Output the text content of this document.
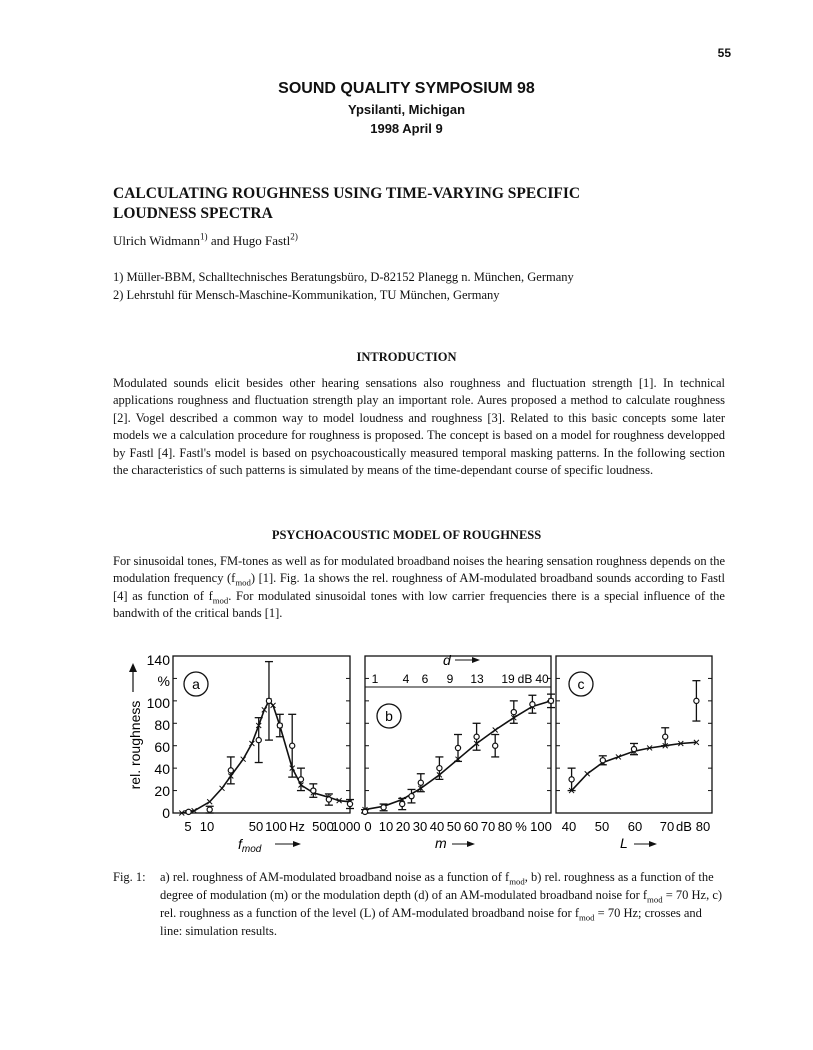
55
SOUND QUALITY SYMPOSIUM 98
Ypsilanti, Michigan
1998 April 9
CALCULATING ROUGHNESS USING TIME-VARYING SPECIFIC
LOUDNESS SPECTRA
Ulrich Widmann$^{1)}$ and Hugo Fastl$^{2)}$
1) Müller-BBM, Schalltechnisches Beratungsbüro, D-82152 Planegg n. München, Germany
2) Lehrstuhl für Mensch-Maschine-Kommunikation, TU München, Germany
INTRODUCTION

Modulated sounds elicit besides other hearing sensations also roughness and fluctuation strength [1]. In technical applications roughness and fluctuation strength play an important role. Aures proposed a method to calculate roughness [2]. Vogel described a common way to model loudness and roughness [3]. Related to this basic concepts some later models we a calculation procedure for roughness is proposed. The concept is based on a model for roughness developped by Fastl [4]. Fastl's model is based on psychoacoustically measured temporal masking patterns. In the following section the characteristics of such patterns is simulated by means of the time-dependant course of specific loudness.

PSYCHOACOUSTIC MODEL OF ROUGHNESS

For sinusoidal tones, FM-tones as well as for modulated broadband noises the hearing sensation roughness depends on the modulation frequency $(f_{mod})$ [1]. Fig. 1a shows the rel. roughness of AM-modulated broadband sounds according to Fastl [4] as function of $f_{mod}$. For modulated sinusoidal tones with low carrier frequencies there is a special influence of the bandwith of the critical bands [1].

rel. roughness
140
%
100
80
60
40
20
0
a
b
c
d
1 4 6 9 13 19 dB 40
5 10	50 100 Hz 500
1000 0 10 20 30 40 50 60 70 80 % 100 40 50 60 70 dB 80
$f_{mod}$	m	L
Fig. 1: a) rel. roughness of AM-modulated broadband noise as a function of $f_{mod}$, b) rel. roughness as a function of the degree of modulation (m) or the modulation depth (d) of an AM-modulated broadband noise for $f_{mod} = 70$ Hz, c) rel. roughness as a function of the level (L) of AM-modulated broadband noise for $f_{mod} = 70$ Hz; crosses and line: simulation results.
